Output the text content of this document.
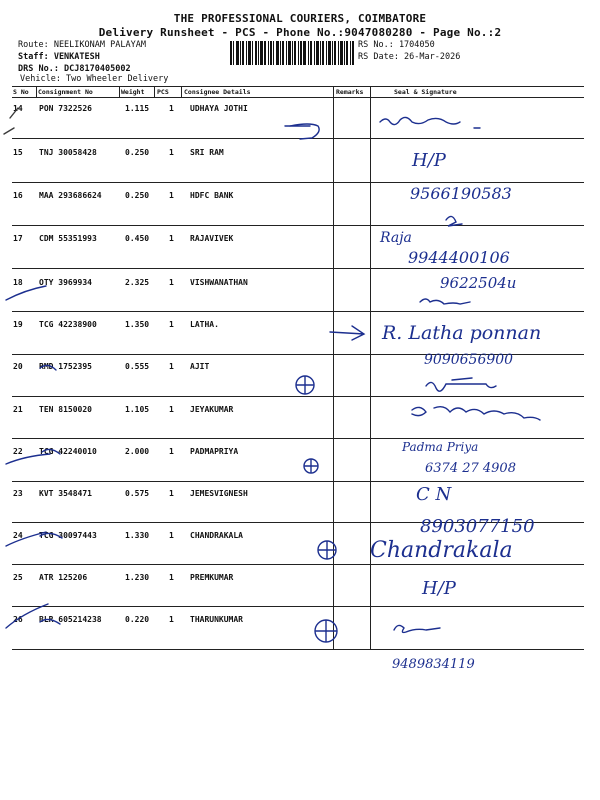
THE PROFESSIONAL COURIERS, COIMBATORE
Delivery Runsheet - PCS - Phone No.:9047080280 - Page No.:2
Route: NEELIKONAM PALAYAM
Staff: VENKATESH
DRS No.: DCJ8170405002
Vehicle: Two Wheeler Delivery
RS No.: 1704050
RS Date: 26-Mar-2026
S No Consignment No	Weight PCS Consignee Details	Remarks	Seal & Signature
14 PON 7322526	1.115 1 UDHAYA JOTHI
15 TNJ 30058428	0.250 1 SRI RAM
16 MAA 293686624	0.250 1 HDFC BANK
17 CDM 55351993	0.450 1 RAJAVIVEK
18 OTY 3969934	2.325 1 VISHWANATHAN
19 TCG 42238900	1.350 1 LATHA.
20 RMD 1752395	0.555 1 AJIT
21 TEN 8150020	1.105 1 JEYAKUMAR
22 TCG 42240010	2.000 1 PADMAPRIYA
23 KVT 3548471	0.575 1 JEMESVIGNESH
24 TCG 30097443	1.330 1 CHANDRAKALA
25 ATR 125206	1.230 1 PREMKUMAR
26 BLR 605214238	0.220 1 THARUNKUMAR
H/P
9566190583
Raja
9944400106
9622504u
R. Latha ponnan
9090656900
Padma Priya
6374 27 4908
C N
8903077150
Chandrakala
H/P
9489834119
